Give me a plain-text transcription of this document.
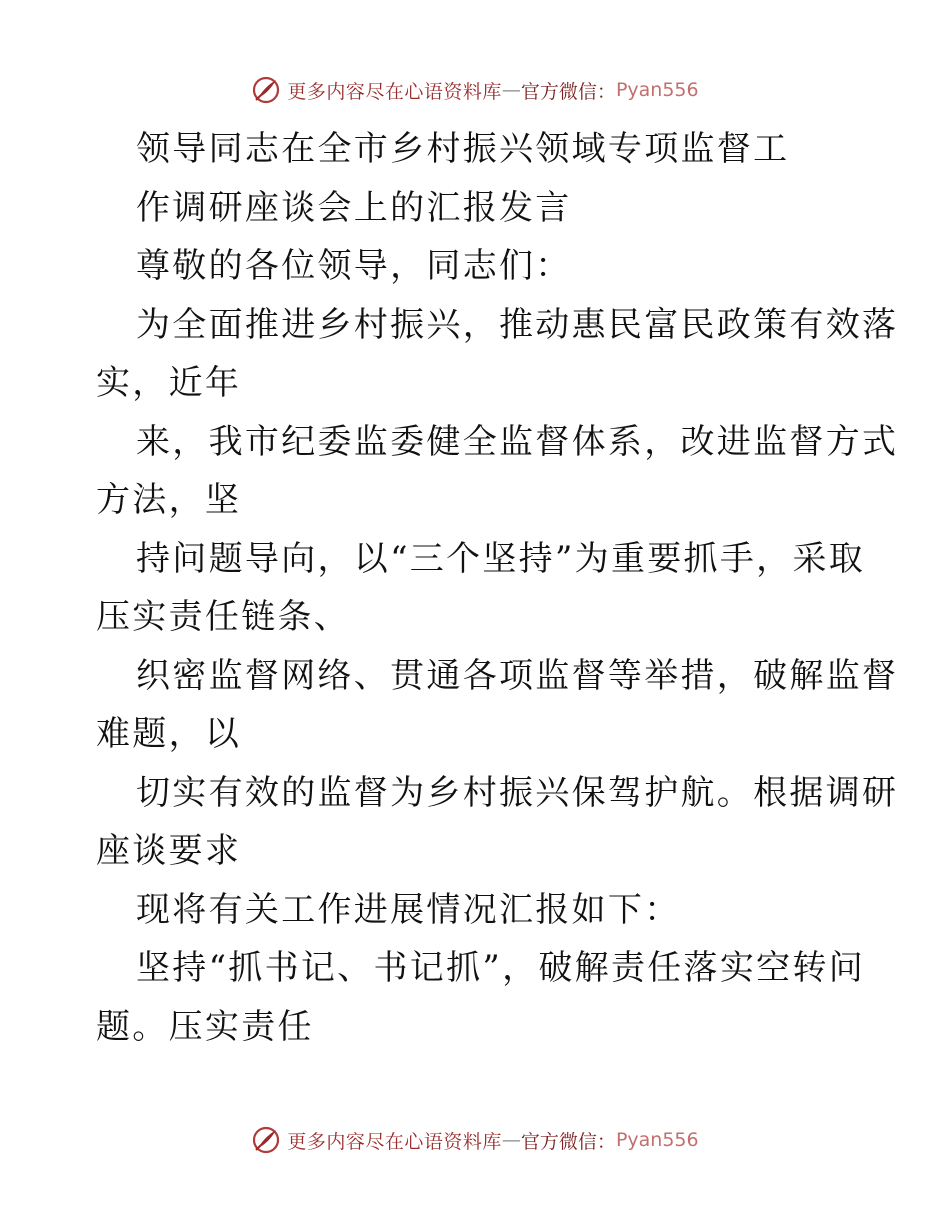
更多内容尽在心语资料库 — 官方微信： Pyan556
领导同志在全市乡村振兴领域专项监督工
作调研座谈会上的汇报发言
尊敬的各位领导，同志们：
为全面推进乡村振兴，推动惠民富民政策有效落
实，近年
来，我市纪委监委健全监督体系，改进监督方式
方法，坚
持问题导向，以“三个坚持”为重要抓手，采取
压实责任链条、
织密监督网络、贯通各项监督等举措，破解监督
难题，以
切实有效的监督为乡村振兴保驾护航。根据调研
座谈要求
现将有关工作进展情况汇报如下：
坚持“抓书记、书记抓”，破解责任落实空转问
题。压实责任
更多内容尽在心语资料库 — 官方微信： Pyan556
